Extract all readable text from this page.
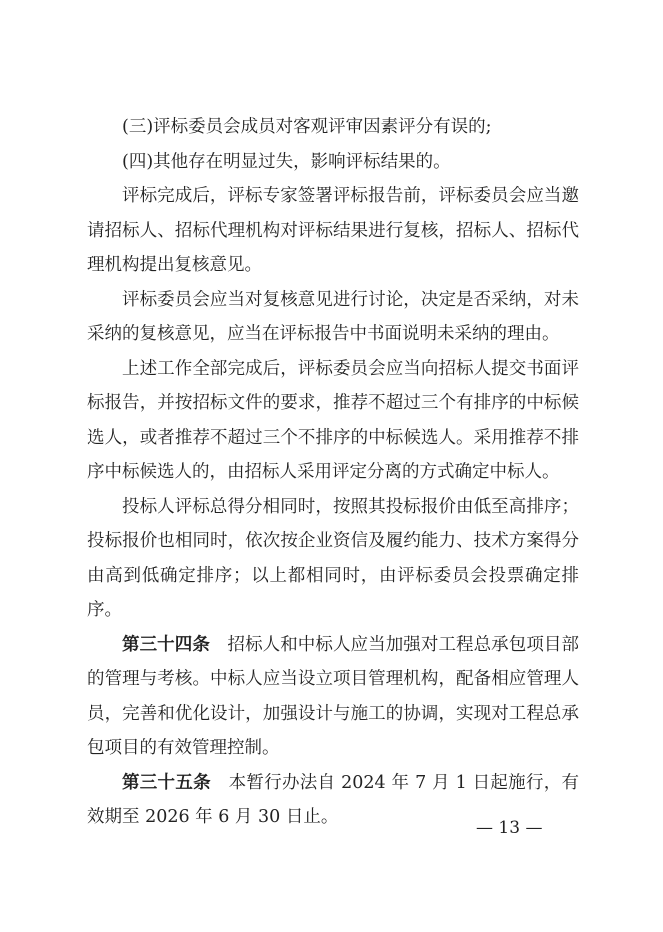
(三)评标委员会成员对客观评审因素评分有误的;

(四)其他存在明显过失，影响评标结果的。

评标完成后，评标专家签署评标报告前，评标委员会应当邀请招标人、招标代理机构对评标结果进行复核，招标人、招标代理机构提出复核意见。

评标委员会应当对复核意见进行讨论，决定是否采纳，对未采纳的复核意见，应当在评标报告中书面说明未采纳的理由。

上述工作全部完成后，评标委员会应当向招标人提交书面评标报告，并按招标文件的要求，推荐不超过三个有排序的中标候选人，或者推荐不超过三个不排序的中标候选人。采用推荐不排序中标候选人的，由招标人采用评定分离的方式确定中标人。

投标人评标总得分相同时，按照其投标报价由低至高排序；投标报价也相同时，依次按企业资信及履约能力、技术方案得分由高到低确定排序；以上都相同时，由评标委员会投票确定排序。

第三十四条　招标人和中标人应当加强对工程总承包项目部的管理与考核。中标人应当设立项目管理机构，配备相应管理人员，完善和优化设计，加强设计与施工的协调，实现对工程总承包项目的有效管理控制。

第三十五条　本暂行办法自 2024 年 7 月 1 日起施行，有效期至 2026 年 6 月 30 日止。

— 13 —
